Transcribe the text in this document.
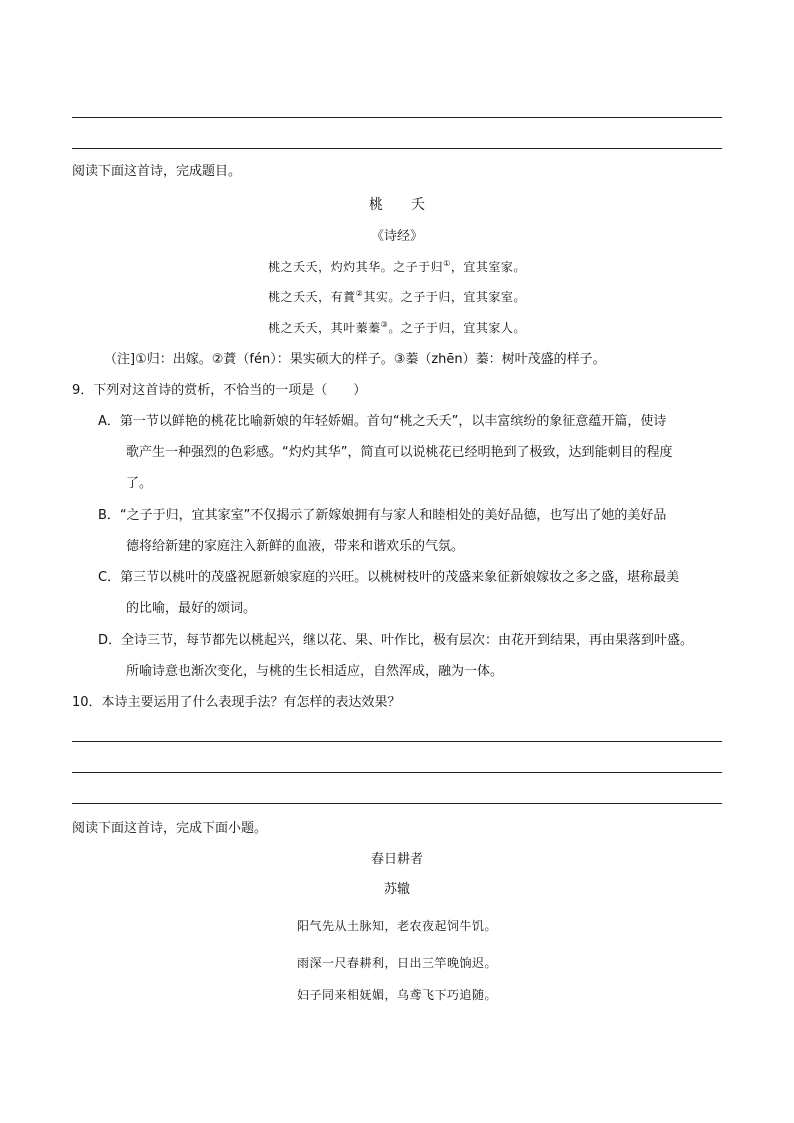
阅读下面这首诗，完成题目。
桃　　夭
《诗经》
桃之夭夭，灼灼其华。之子于归①，宜其室家。
桃之夭夭，有蕡②其实。之子于归，宜其家室。
桃之夭夭，其叶蓁蓁③。之子于归，宜其家人。
（注]①归：出嫁。②蕡（fén）：果实硕大的样子。③蓁（zhēn）蓁：树叶茂盛的样子。
9．下列对这首诗的赏析，不恰当的一项是（　　）
A．第一节以鲜艳的桃花比喻新娘的年轻娇媚。首句“桃之夭夭”，以丰富缤纷的象征意蕴开篇，使诗
歌产生一种强烈的色彩感。“灼灼其华”，简直可以说桃花已经明艳到了极致，达到能刺目的程度
了。
B．“之子于归，宜其家室”不仅揭示了新嫁娘拥有与家人和睦相处的美好品德，也写出了她的美好品
德将给新建的家庭注入新鲜的血液，带来和谐欢乐的气氛。
C．第三节以桃叶的茂盛祝愿新娘家庭的兴旺。以桃树枝叶的茂盛来象征新娘嫁妆之多之盛，堪称最美
的比喻，最好的颂词。
D．全诗三节，每节都先以桃起兴，继以花、果、叶作比，极有层次：由花开到结果，再由果落到叶盛。
所喻诗意也渐次变化，与桃的生长相适应，自然浑成，融为一体。
10．本诗主要运用了什么表现手法？有怎样的表达效果？
阅读下面这首诗，完成下面小题。
春日耕者
苏辙
阳气先从土脉知，老农夜起饲牛饥。
雨深一尺春耕利，日出三竿晚饷迟。
妇子同来相妩媚，乌鸢飞下巧追随。
